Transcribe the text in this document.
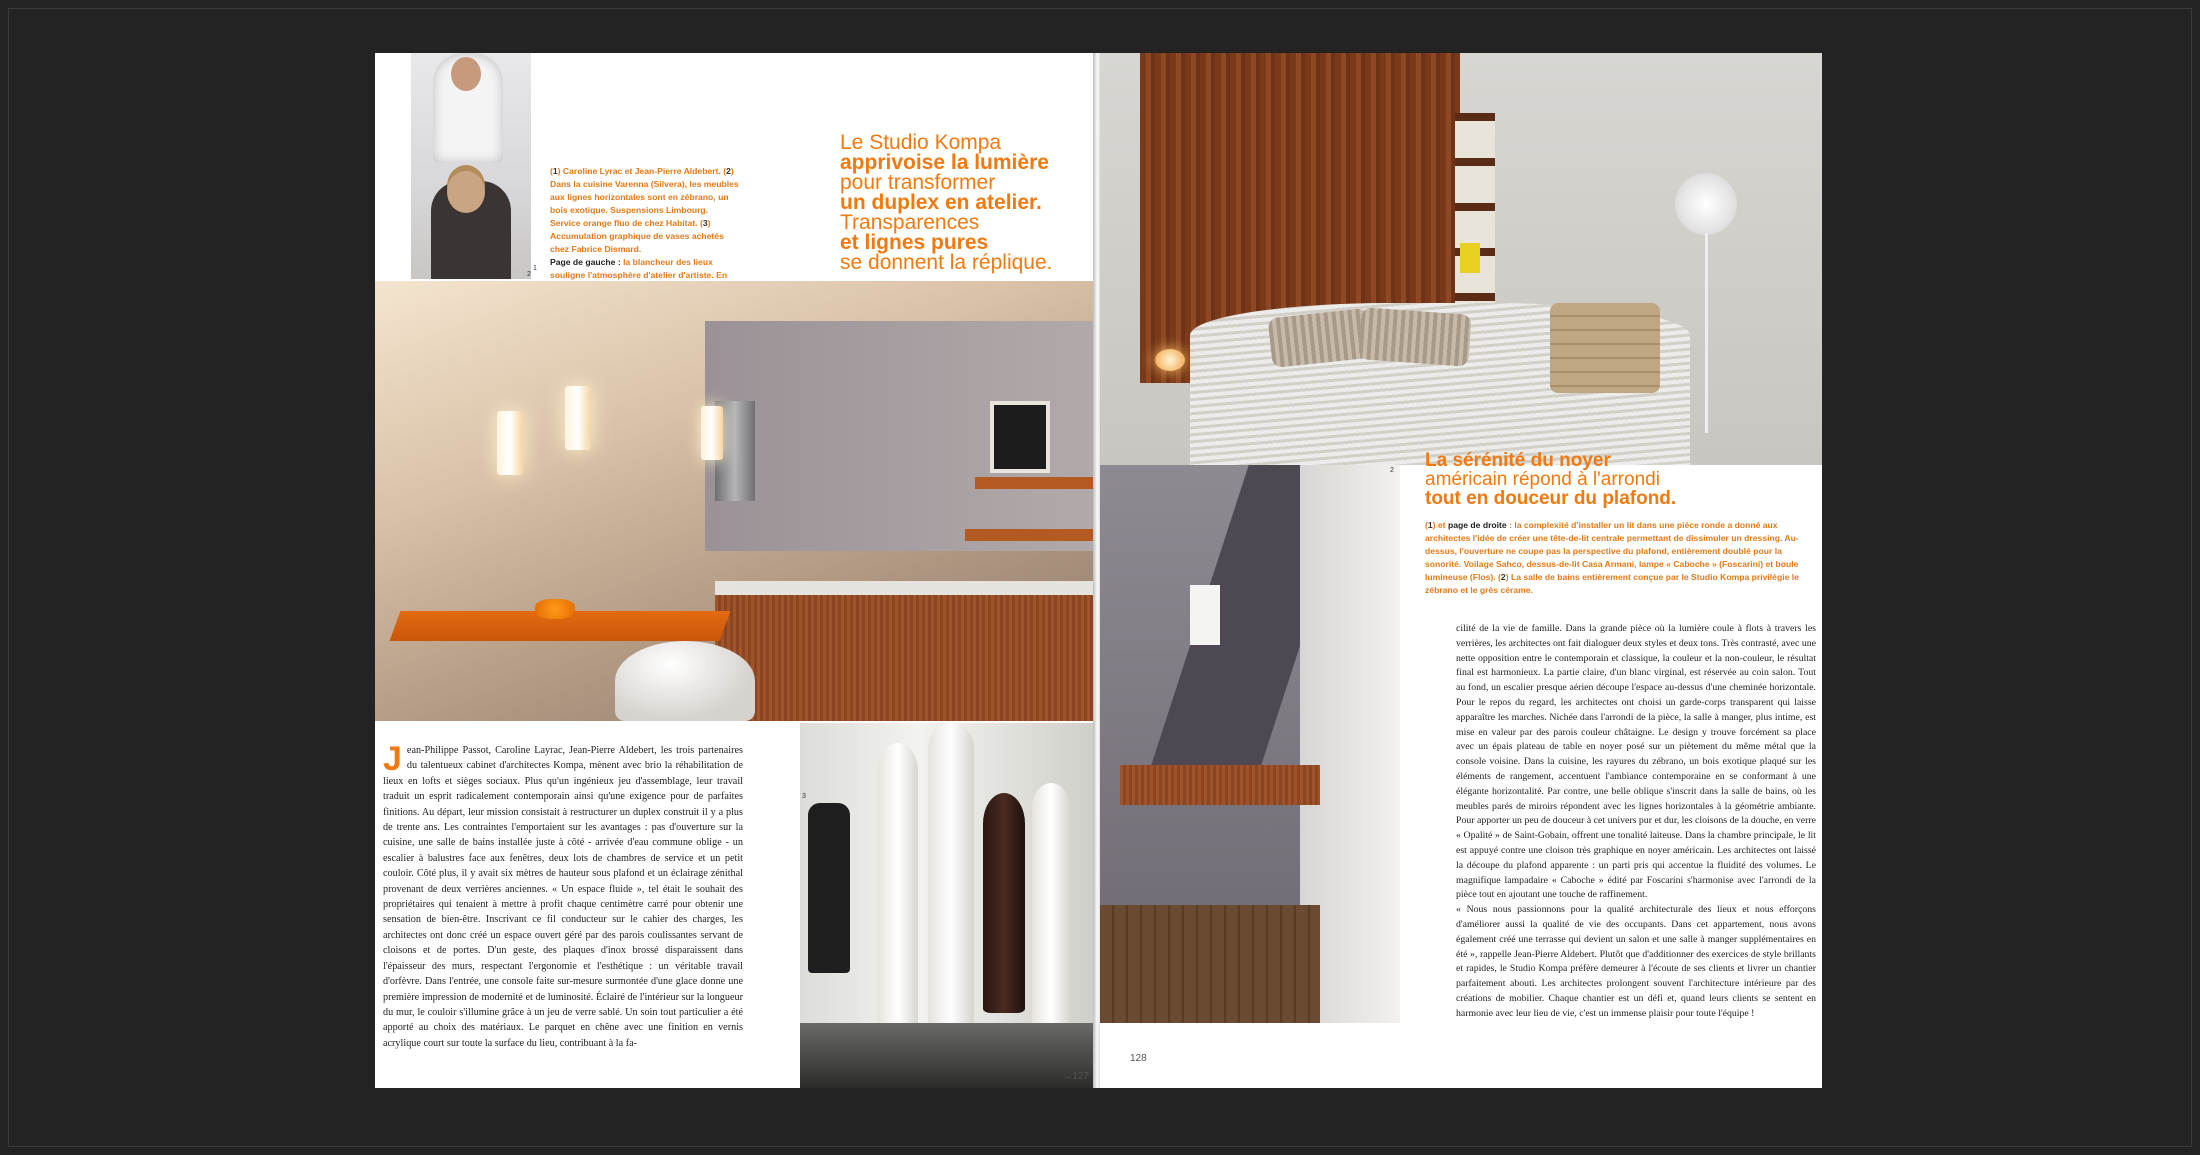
1
(1) Caroline Lyrac et Jean-Pierre Aldebert. (2) Dans la cuisine Varenna (Silvera), les meubles aux lignes horizontales sont en zébrano, un bois exotique. Suspensions Limbourg. Service orange fluo de chez Habitat. (3) Accumulation graphique de vases achetés chez Fabrice Dismard.
Page de gauche : la blancheur des lieux souligne l'atmosphère d'atelier d'artiste. En
Le Studio Kompa
apprivoise la lumière
pour transformer
un duplex en atelier.
Transparences
et lignes pures
se donnent la réplique.
2
Jean-Philippe Passot, Caroline Layrac, Jean-Pierre Aldebert, les trois partenaires du talentueux cabinet d'architectes Kompa, mènent avec brio la réhabilitation de lieux en lofts et sièges sociaux. Plus qu'un ingénieux jeu d'assemblage, leur travail traduit un esprit radicalement contemporain ainsi qu'une exigence pour de parfaites finitions. Au départ, leur mission consistait à restructurer un duplex construit il y a plus de trente ans. Les contraintes l'emportaient sur les avantages : pas d'ouverture sur la cuisine, une salle de bains installée juste à côté - arrivée d'eau commune oblige - un escalier à balustres face aux fenêtres, deux lots de chambres de service et un petit couloir. Côté plus, il y avait six mètres de hauteur sous plafond et un éclairage zénithal provenant de deux verrières anciennes. « Un espace fluide », tel était le souhait des propriétaires qui tenaient à mettre à profit chaque centimètre carré pour obtenir une sensation de bien-être. Inscrivant ce fil conducteur sur le cahier des charges, les architectes ont donc créé un espace ouvert géré par des parois coulissantes servant de cloisons et de portes. D'un geste, des plaques d'inox brossé disparaissent dans l'épaisseur des murs, respectant l'ergonomie et l'esthétique : un véritable travail d'orfèvre. Dans l'entrée, une console faite sur-mesure surmontée d'une glace donne une première impression de modernité et de luminosité. Éclairé de l'intérieur sur la longueur du mur, le couloir s'illumine grâce à un jeu de verre sablé. Un soin tout particulier a été apporté au choix des matériaux. Le parquet en chêne avec une finition en vernis acrylique court sur toute la surface du lieu, contribuant à la fa-
3
→127
2 La sérénité du noyer
américain répond à l'arrondi
tout en douceur du plafond.
(1) et page de droite : la complexité d'installer un lit dans une pièce ronde a donné aux architectes l'idée de créer une tête-de-lit centrale permettant de dissimuler un dressing. Au-dessus, l'ouverture ne coupe pas la perspective du plafond, entièrement doublé pour la sonorité. Voilage Sahco, dessus-de-lit Casa Armani, lampe « Caboche » (Foscarini) et boule lumineuse (Flos). (2) La salle de bains entièrement conçue par le Studio Kompa privilégie le zébrano et le grès cérame.
cilité de la vie de famille. Dans la grande pièce où la lumière coule à flots à travers les verrières, les architectes ont fait dialoguer deux styles et deux tons. Très contrasté, avec une nette opposition entre le contemporain et classique, la couleur et la non-couleur, le résultat final est harmonieux. La partie claire, d'un blanc virginal, est réservée au coin salon. Tout au fond, un escalier presque aérien découpe l'espace au-dessus d'une cheminée horizontale. Pour le repos du regard, les architectes ont choisi un garde-corps transparent qui laisse apparaître les marches. Nichée dans l'arrondi de la pièce, la salle à manger, plus intime, est mise en valeur par des parois couleur châtaigne. Le design y trouve forcément sa place avec un épais plateau de table en noyer posé sur un piètement du même métal que la console voisine. Dans la cuisine, les rayures du zébrano, un bois exotique plaqué sur les éléments de rangement, accentuent l'ambiance contemporaine en se conformant à une élégante horizontalité. Par contre, une belle oblique s'inscrit dans la salle de bains, où les meubles parés de miroirs répondent avec les lignes horizontales à la géométrie ambiante. Pour apporter un peu de douceur à cet univers pur et dur, les cloisons de la douche, en verre « Opalité » de Saint-Gobain, offrent une tonalité laiteuse. Dans la chambre principale, le lit est appuyé contre une cloison très graphique en noyer américain. Les architectes ont laissé la découpe du plafond apparente : un parti pris qui accentue la fluidité des volumes. Le magnifique lampadaire « Caboche » édité par Foscarini s'harmonise avec l'arrondi de la pièce tout en ajoutant une touche de raffinement.
« Nous nous passionnons pour la qualité architecturale des lieux et nous efforçons d'améliorer aussi la qualité de vie des occupants. Dans cet appartement, nous avons également créé une terrasse qui devient un salon et une salle à manger supplémentaires en été », rappelle Jean-Pierre Aldebert. Plutôt que d'additionner des exercices de style brillants et rapides, le Studio Kompa préfère demeurer à l'écoute de ses clients et livrer un chantier parfaitement abouti. Les architectes prolongent souvent l'architecture intérieure par des créations de mobilier. Chaque chantier est un défi et, quand leurs clients se sentent en harmonie avec leur lieu de vie, c'est un immense plaisir pour toute l'équipe !
128
